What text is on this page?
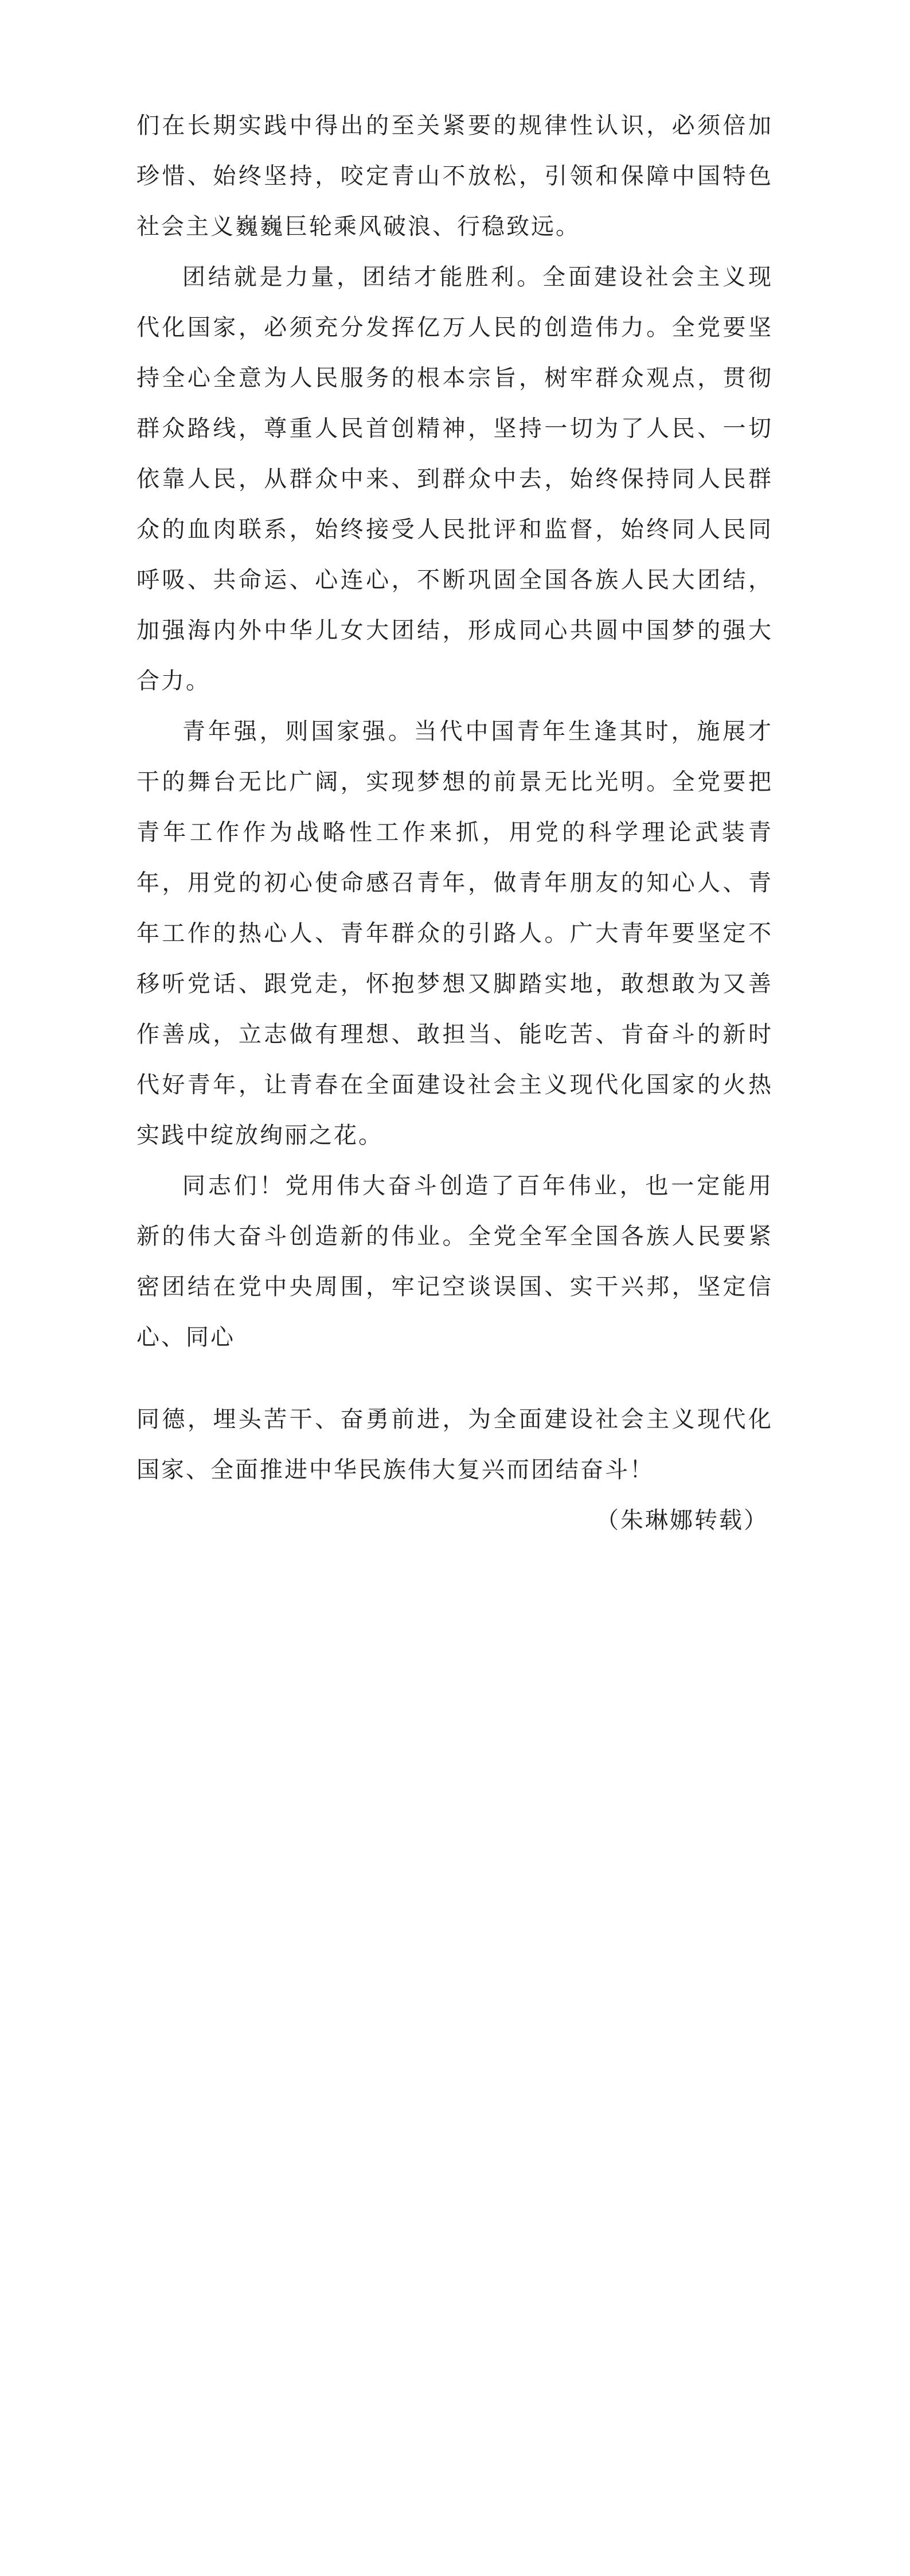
们在长期实践中得出的至关紧要的规律性认识，必须倍加珍惜、始终坚持，咬定青山不放松，引领和保障中国特色社会主义巍巍巨轮乘风破浪、行稳致远。

团结就是力量，团结才能胜利。全面建设社会主义现代化国家，必须充分发挥亿万人民的创造伟力。全党要坚持全心全意为人民服务的根本宗旨，树牢群众观点，贯彻群众路线，尊重人民首创精神，坚持一切为了人民、一切依靠人民，从群众中来、到群众中去，始终保持同人民群众的血肉联系，始终接受人民批评和监督，始终同人民同呼吸、共命运、心连心，不断巩固全国各族人民大团结，加强海内外中华儿女大团结，形成同心共圆中国梦的强大合力。

青年强，则国家强。当代中国青年生逢其时，施展才干的舞台无比广阔，实现梦想的前景无比光明。全党要把青年工作作为战略性工作来抓，用党的科学理论武装青年，用党的初心使命感召青年，做青年朋友的知心人、青年工作的热心人、青年群众的引路人。广大青年要坚定不移听党话、跟党走，怀抱梦想又脚踏实地，敢想敢为又善作善成，立志做有理想、敢担当、能吃苦、肯奋斗的新时代好青年，让青春在全面建设社会主义现代化国家的火热实践中绽放绚丽之花。

同志们！党用伟大奋斗创造了百年伟业，也一定能用新的伟大奋斗创造新的伟业。全党全军全国各族人民要紧密团结在党中央周围，牢记空谈误国、实干兴邦，坚定信心、同心

同德，埋头苦干、奋勇前进，为全面建设社会主义现代化国家、全面推进中华民族伟大复兴而团结奋斗！

（朱琳娜转载）
